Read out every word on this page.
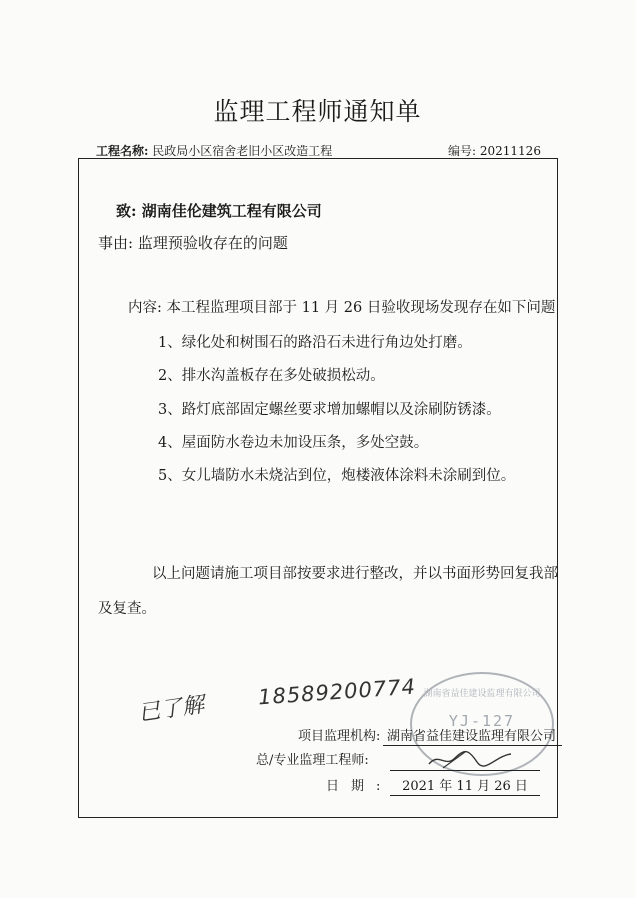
监理工程师通知单
工程名称: 民政局小区宿舍老旧小区改造工程	编号: 20211126
致: 湖南佳伦建筑工程有限公司
事由: 监理预验收存在的问题
内容: 本工程监理项目部于 11 月 26 日验收现场发现存在如下问题
1、绿化处和树围石的路沿石未进行角边处打磨。
2、排水沟盖板存在多处破损松动。
3、路灯底部固定螺丝要求增加螺帽以及涂刷防锈漆。
4、屋面防水卷边未加设压条，多处空鼓。
5、女儿墙防水未烧沾到位，炮楼液体涂料未涂刷到位。
以上问题请施工项目部按要求进行整改，并以书面形势回复我部
及复查。
已了解 18589200774 湖南省益佳建设监理有限公司
YJ-127
项目监理机构: 湖南省益佳建设监理有限公司
总/专业监理工程师:
日期: 2021 年 11 月 26 日
